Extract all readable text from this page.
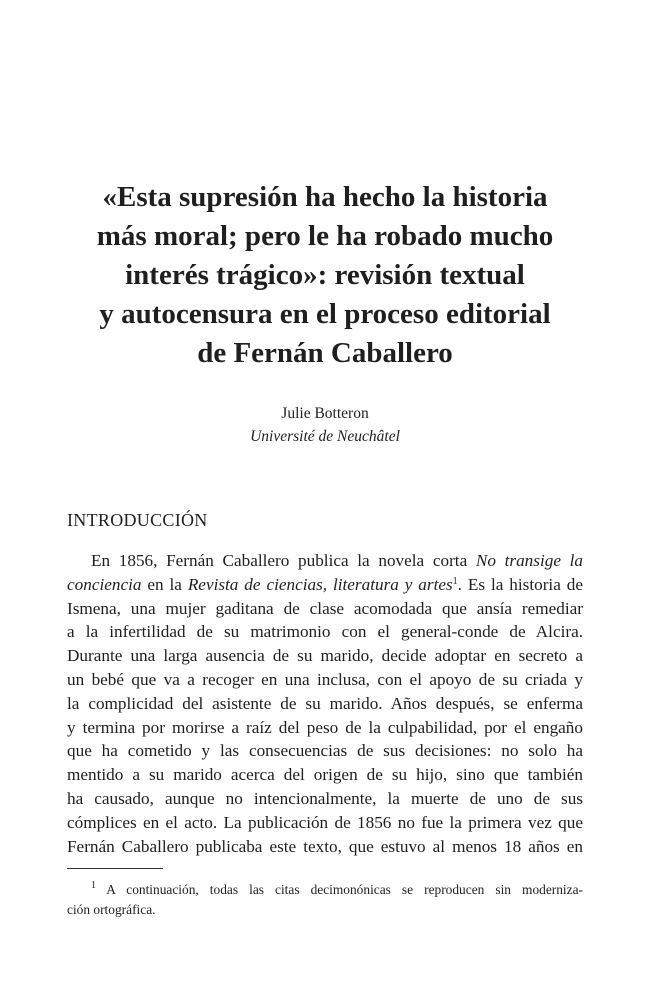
«Esta supresión ha hecho la historia
más moral; pero le ha robado mucho
interés trágico»: revisión textual
y autocensura en el proceso editorial
de Fernán Caballero
Julie Botteron
Université de Neuchâtel
INTRODUCCIÓN
En 1856, Fernán Caballero publica la novela corta No transige la
conciencia en la Revista de ciencias, literatura y artes$^1$. Es la historia de
Ismena, una mujer gaditana de clase acomodada que ansía remediar
a la infertilidad de su matrimonio con el general-conde de Alcira.
Durante una larga ausencia de su marido, decide adoptar en secreto a
un bebé que va a recoger en una inclusa, con el apoyo de su criada y
la complicidad del asistente de su marido. Años después, se enferma
y termina por morirse a raíz del peso de la culpabilidad, por el engaño
que ha cometido y las consecuencias de sus decisiones: no solo ha
mentido a su marido acerca del origen de su hijo, sino que también
ha causado, aunque no intencionalmente, la muerte de uno de sus
cómplices en el acto. La publicación de 1856 no fue la primera vez que
Fernán Caballero publicaba este texto, que estuvo al menos 18 años en
$^1$ A continuación, todas las citas decimonónicas se reproducen sin moderniza-
ción ortográfica.
